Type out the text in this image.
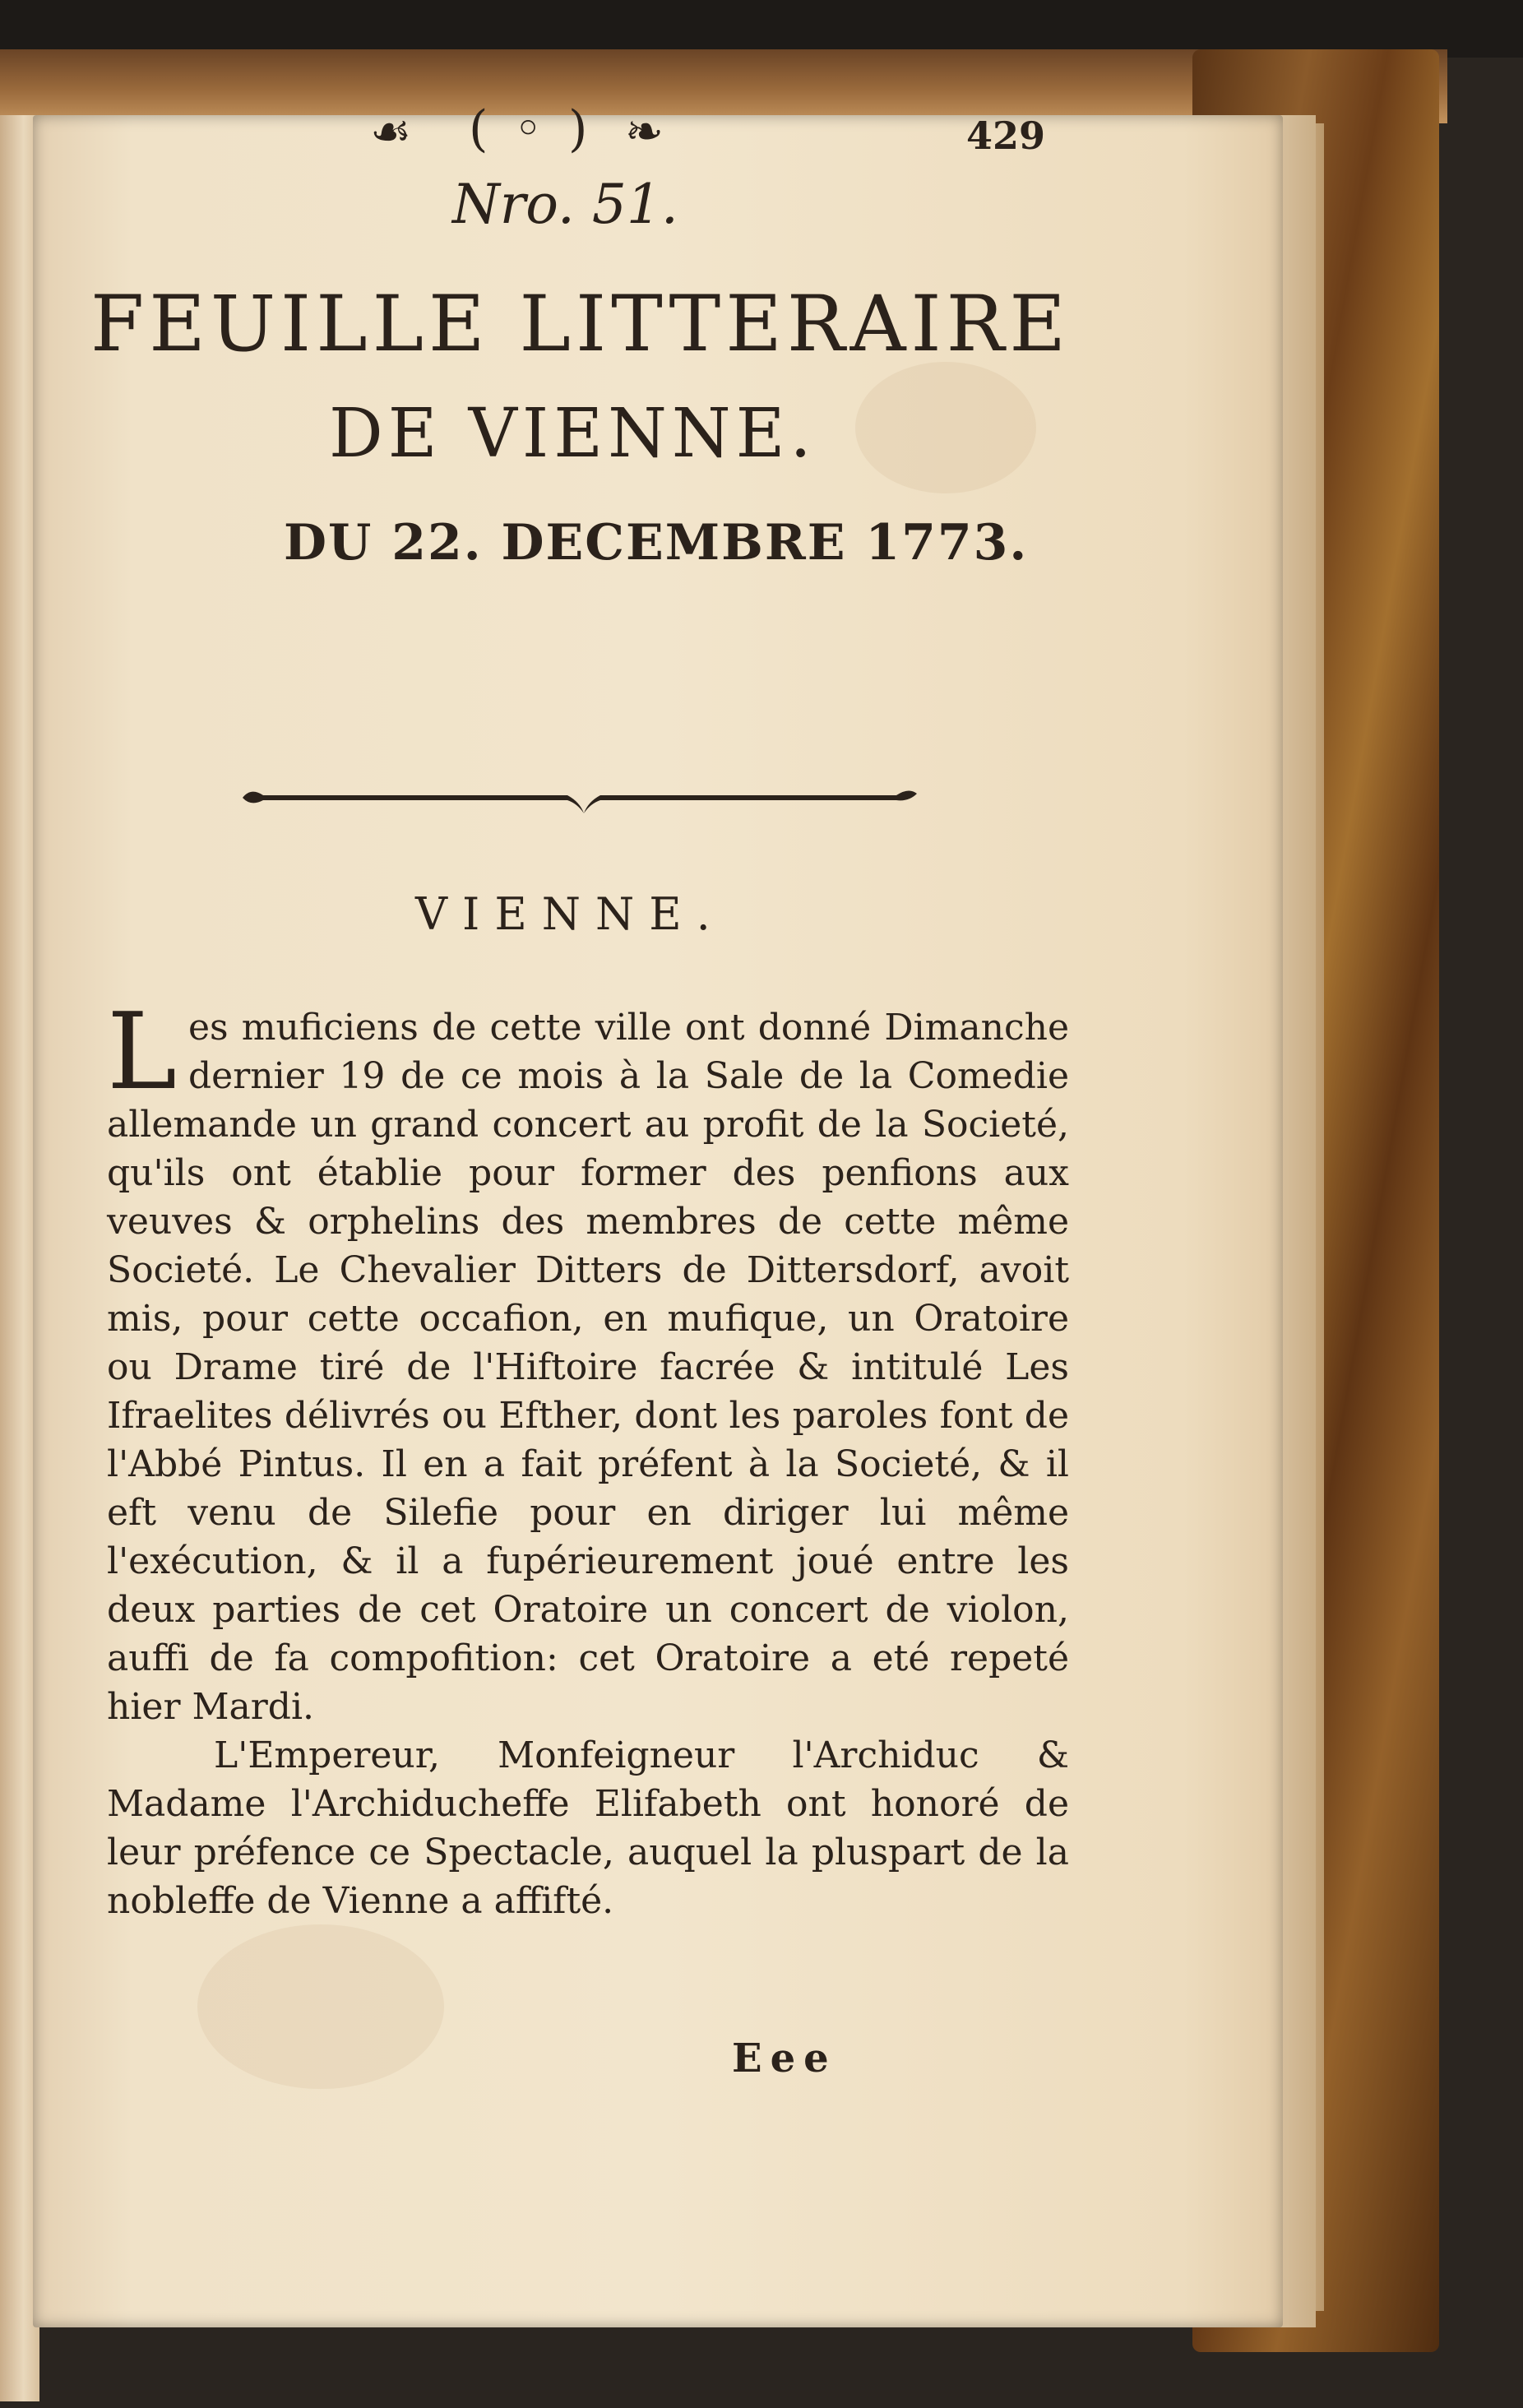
☙ ( ◦ ) ❧	429
Nro. 51.
FEUILLE LITTERAIRE
DE VIENNE.
DU 22. DECEMBRE 1773.
VIENNE.

Les muficiens de cette ville ont donné Dimanche dernier 19 de ce mois à la Sale de la Comedie allemande un grand concert au profit de la Societé, qu'ils ont établie pour former des penfions aux veuves & orphelins des membres de cette même Societé. Le Chevalier Ditters de Dittersdorf, avoit mis, pour cette occafion, en mufique, un Oratoire ou Drame tiré de l'Hiftoire facrée & intitulé Les Ifraelites délivrés ou Efther, dont les paroles font de l'Abbé Pintus. Il en a fait préfent à la Societé, & il eft venu de Silefie pour en diriger lui même l'exécution, & il a fupérieurement joué entre les deux parties de cet Oratoire un concert de violon, auffi de fa compofition: cet Oratoire a eté repeté hier Mardi.

L'Empereur, Monfeigneur l'Archiduc & Madame l'Archiducheffe Elifabeth ont honoré de leur préfence ce Spectacle, auquel la pluspart de la nobleffe de Vienne a affifté.

Eee
